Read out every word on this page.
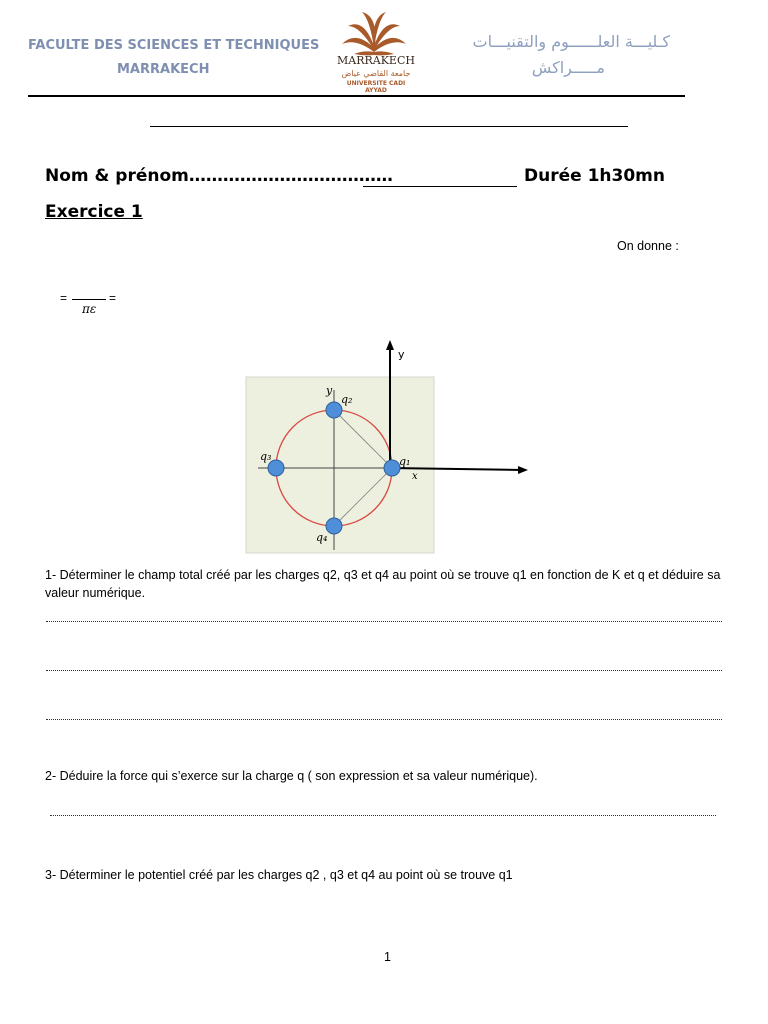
FACULTE DES SCIENCES ET TECHNIQUES
MARRAKECH
MARRAKECH
جامعة القاضي عياض
UNIVERSITE CADI AYYAD
كـليـــة العلــــــوم والتقنيـــات
مـــــراكش
Nom & prénom………………………………	Durée 1h30mn
Exercice 1
On donne :
=
πε
=
y
y
x
q₁
q₂
q₃
q₄
1- Déterminer le champ total créé par les charges q2, q3 et q4 au point où se trouve q1 en fonction de K et q et déduire sa valeur numérique.
2- Déduire la force qui s’exerce sur la charge q ( son expression et sa valeur numérique).
3- Déterminer le potentiel créé par les charges q2 , q3 et q4 au point où se trouve q1
1
